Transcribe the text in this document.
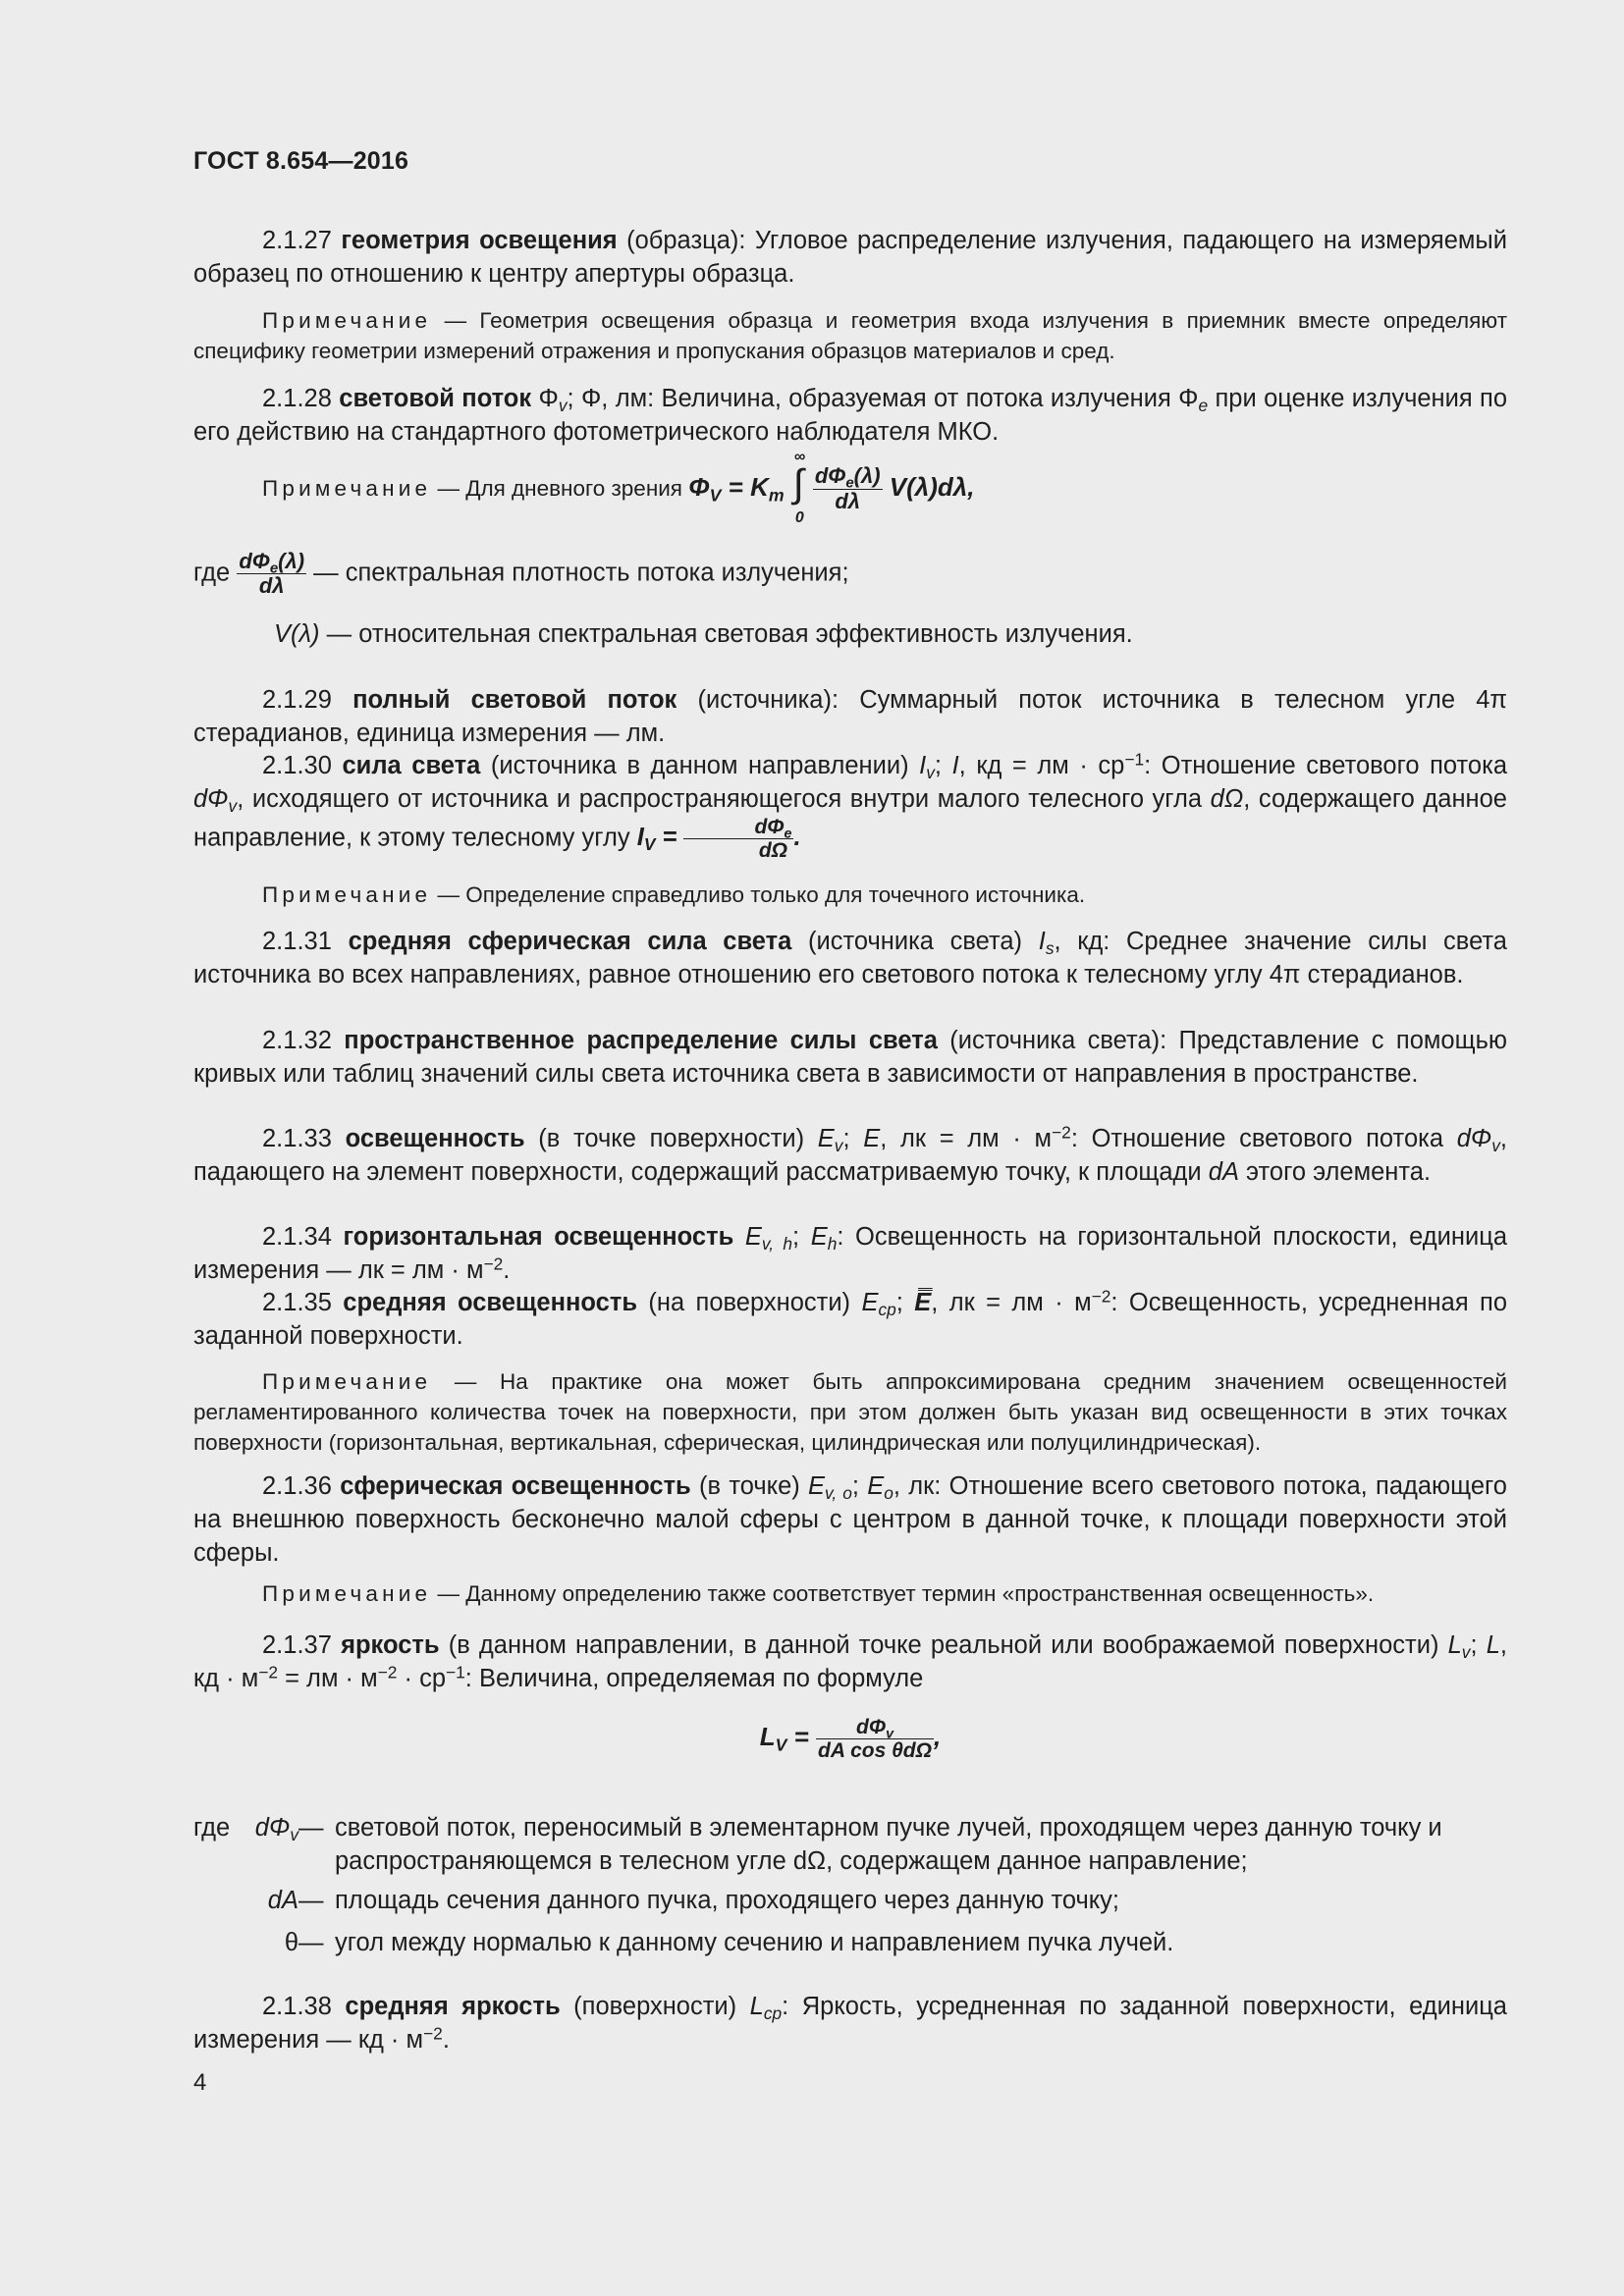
ГОСТ 8.654—2016

2.1.27 геометрия освещения (образца): Угловое распределение излучения, падающего на измеряемый образец по отношению к центру апертуры образца.

Примечание — Геометрия освещения образца и геометрия входа излучения в приемник вместе определяют специфику геометрии измерений отражения и пропускания образцов материалов и сред.

2.1.28 световой поток $\Phi_v$; Φ, лм: Величина, образуемая от потока излучения $\Phi_e$ при оценке излучения по его действию на стандартного фотометрического наблюдателя МКО.

Примечание — Для дневного зрения $\Phi_V = K_m$
∞
∫
0
$\frac{d\Phi_e(\lambda)}{d\lambda} V(\lambda)d\lambda$,
где $\frac{d\Phi_e(\lambda)}{d\lambda}$ — спектральная плотность потока излучения;
V(λ) — относительная спектральная световая эффективность излучения.

2.1.29 полный световой поток (источника): Суммарный поток источника в телесном угле 4π стерадианов, единица измерения — лм.

2.1.30 сила света (источника в данном направлении) $I_v$; I, кд = лм · $ср^{-1}$: Отношение светового потока $d\Phi_v$, исходящего от источника и распространяющегося внутри малого телесного угла dΩ, содержащего данное направление, к этому телесному углу $I_V = \frac{d\Phi_e}{d\Omega}$ .

Примечание — Определение справедливо только для точечного источника.

2.1.31 средняя сферическая сила света (источника света) $I_s$, кд: Среднее значение силы света источника во всех направлениях, равное отношению его светового потока к телесному углу 4π стерадианов.

2.1.32 пространственное распределение силы света (источника света): Представление с помощью кривых или таблиц значений силы света источника света в зависимости от направления в пространстве.

2.1.33 освещенность (в точке поверхности) $E_v$; E, лк = лм · $м^{-2}$: Отношение светового потока $d\Phi_v$, падающего на элемент поверхности, содержащий рассматриваемую точку, к площади dA этого элемента.

2.1.34 горизонтальная освещенность $E_{v, h}$; $E_h$: Освещенность на горизонтальной плоскости, единица измерения — лк = лм · $м^{-2}$.

2.1.35 средняя освещенность (на поверхности) $E_{ср}$; E̿, лк = лм · $м^{-2}$: Освещенность, усредненная по заданной поверхности.

Примечание — На практике она может быть аппроксимирована средним значением освещенностей регламентированного количества точек на поверхности, при этом должен быть указан вид освещенности в этих точках поверхности (горизонтальная, вертикальная, сферическая, цилиндрическая или полуцилиндрическая).

2.1.36 сферическая освещенность (в точке) $E_{v, o}$; $E_o$, лк: Отношение всего светового потока, падающего на внешнюю поверхность бесконечно малой сферы с центром в данной точке, к площади поверхности этой сферы.

Примечание — Данному определению также соответствует термин «пространственная освещенность».

2.1.37 яркость (в данном направлении, в данной точке реальной или воображаемой поверхности) $L_v$; L, кд · $м^{-2}$ = лм · $м^{-2} \cdot ср^{-1}$: Величина, определяемая по формуле

$L_V = \frac{d\Phi_v}{\text{dA cos θdΩ}}$ ,
где	$d\Phi_v$ — световой поток, переносимый в элементарном пучке лучей, проходящем через данную точку и распространяющемся в телесном угле dΩ, содержащем данное направление;
dA — площадь сечения данного пучка, проходящего через данную точку;
θ — угол между нормалью к данному сечению и направлением пучка лучей.

2.1.38 средняя яркость (поверхности) $L_{ср}$: Яркость, усредненная по заданной поверхности, единица измерения — кд · $м^{-2}$.

4
